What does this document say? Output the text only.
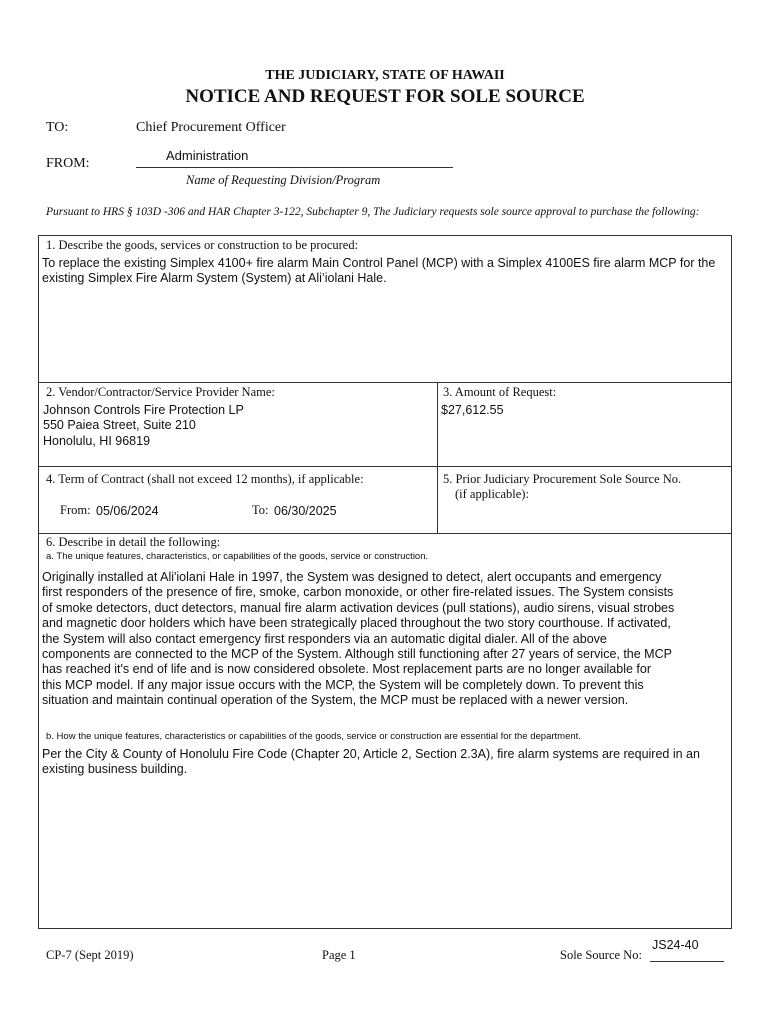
THE JUDICIARY, STATE OF HAWAII
NOTICE AND REQUEST FOR SOLE SOURCE
TO:	Chief Procurement Officer
FROM:
Administration
Name of Requesting Division/Program
Pursuant to HRS § 103D -306 and HAR Chapter 3-122, Subchapter 9, The Judiciary requests sole source approval to purchase the following:
1. Describe the goods, services or construction to be procured:
To replace the existing Simplex 4100+ fire alarm Main Control Panel (MCP) with a Simplex 4100ES fire alarm MCP for the
existing Simplex Fire Alarm System (System) at Ali’iolani Hale.
2. Vendor/Contractor/Service Provider Name:
Johnson Controls Fire Protection LP
550 Paiea Street, Suite 210
Honolulu, HI 96819
3. Amount of Request:
$27,612.55
4. Term of Contract (shall not exceed 12 months), if applicable:
From: 05/06/2024	To: 06/30/2025
5. Prior Judiciary Procurement Sole Source No.
(if applicable):
6. Describe in detail the following:
a. The unique features, characteristics, or capabilities of the goods, service or construction.
Originally installed at Ali'iolani Hale in 1997, the System was designed to detect, alert occupants and emergency
first responders of the presence of fire, smoke, carbon monoxide, or other fire-related issues. The System consists
of smoke detectors, duct detectors, manual fire alarm activation devices (pull stations), audio sirens, visual strobes
and magnetic door holders which have been strategically placed throughout the two story courthouse. If activated,
the System will also contact emergency first responders via an automatic digital dialer. All of the above
components are connected to the MCP of the System. Although still functioning after 27 years of service, the MCP
has reached it's end of life and is now considered obsolete. Most replacement parts are no longer available for
this MCP model. If any major issue occurs with the MCP, the System will be completely down. To prevent this
situation and maintain continual operation of the System, the MCP must be replaced with a newer version.
b. How the unique features, characteristics or capabilities of the goods, service or construction are essential for the department.
Per the City & County of Honolulu Fire Code (Chapter 20, Article 2, Section 2.3A), fire alarm systems are required in an
existing business building.
CP-7 (Sept 2019)	Page 1	Sole Source No:
JS24-40
